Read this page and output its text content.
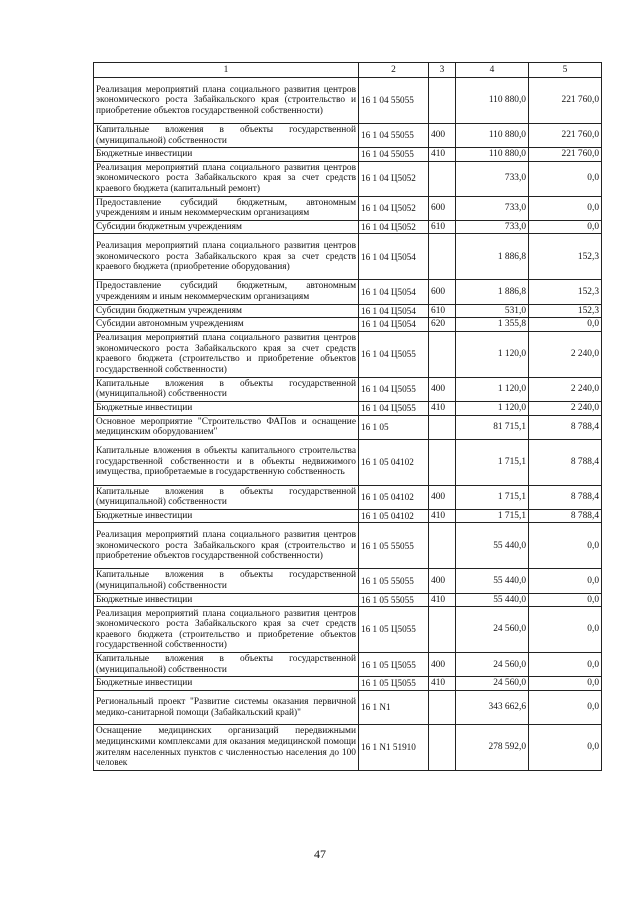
1	2	3	4	5
Реализация мероприятий плана социального развития центров экономического роста Забайкальского края (строительство и приобретение объектов государственной собственности)	16 1 04 55055		110 880,0	221 760,0
Капитальные вложения в объекты государственной (муниципальной) собственности	16 1 04 55055	400	110 880,0	221 760,0
Бюджетные инвестиции	16 1 04 55055	410	110 880,0	221 760,0
Реализация мероприятий плана социального развития центров экономического роста Забайкальского края за счет средств краевого бюджета (капитальный ремонт)	16 1 04 Ц5052		733,0	0,0
Предоставление субсидий бюджетным, автономным учреждениям и иным некоммерческим организациям	16 1 04 Ц5052	600	733,0	0,0
Субсидии бюджетным учреждениям	16 1 04 Ц5052	610	733,0	0,0
Реализация мероприятий плана социального развития центров экономического роста Забайкальского края за счет средств краевого бюджета (приобретение оборудования)	16 1 04 Ц5054		1 886,8	152,3
Предоставление субсидий бюджетным, автономным учреждениям и иным некоммерческим организациям	16 1 04 Ц5054	600	1 886,8	152,3
Субсидии бюджетным учреждениям	16 1 04 Ц5054	610	531,0	152,3
Субсидии автономным учреждениям	16 1 04 Ц5054	620	1 355,8	0,0
Реализация мероприятий плана социального развития центров экономического роста Забайкальского края за счет средств краевого бюджета (строительство и приобретение объектов государственной собственности)	16 1 04 Ц5055		1 120,0	2 240,0
Капитальные вложения в объекты государственной (муниципальной) собственности	16 1 04 Ц5055	400	1 120,0	2 240,0
Бюджетные инвестиции	16 1 04 Ц5055	410	1 120,0	2 240,0
Основное мероприятие "Строительство ФАПов и оснащение медицинским оборудованием"	16 1 05		81 715,1	8 788,4
Капитальные вложения в объекты капитального строительства государственной собственности и в объекты недвижимого имущества, приобретаемые в государственную собственность	16 1 05 04102		1 715,1	8 788,4
Капитальные вложения в объекты государственной (муниципальной) собственности	16 1 05 04102	400	1 715,1	8 788,4
Бюджетные инвестиции	16 1 05 04102	410	1 715,1	8 788,4
Реализация мероприятий плана социального развития центров экономического роста Забайкальского края (строительство и приобретение объектов государственной собственности)	16 1 05 55055		55 440,0	0,0
Капитальные вложения в объекты государственной (муниципальной) собственности	16 1 05 55055	400	55 440,0	0,0
Бюджетные инвестиции	16 1 05 55055	410	55 440,0	0,0
Реализация мероприятий плана социального развития центров экономического роста Забайкальского края за счет средств краевого бюджета (строительство и приобретение объектов государственной собственности)	16 1 05 Ц5055		24 560,0	0,0
Капитальные вложения в объекты государственной (муниципальной) собственности	16 1 05 Ц5055	400	24 560,0	0,0
Бюджетные инвестиции	16 1 05 Ц5055	410	24 560,0	0,0
Региональный проект "Развитие системы оказания первичной медико-санитарной помощи (Забайкальский край)"	16 1 N1		343 662,6	0,0
Оснащение медицинских организаций передвижными медицинскими комплексами для оказания медицинской помощи жителям населенных пунктов с численностью населения до 100 человек	16 1 N1 51910		278 592,0	0,0
47
